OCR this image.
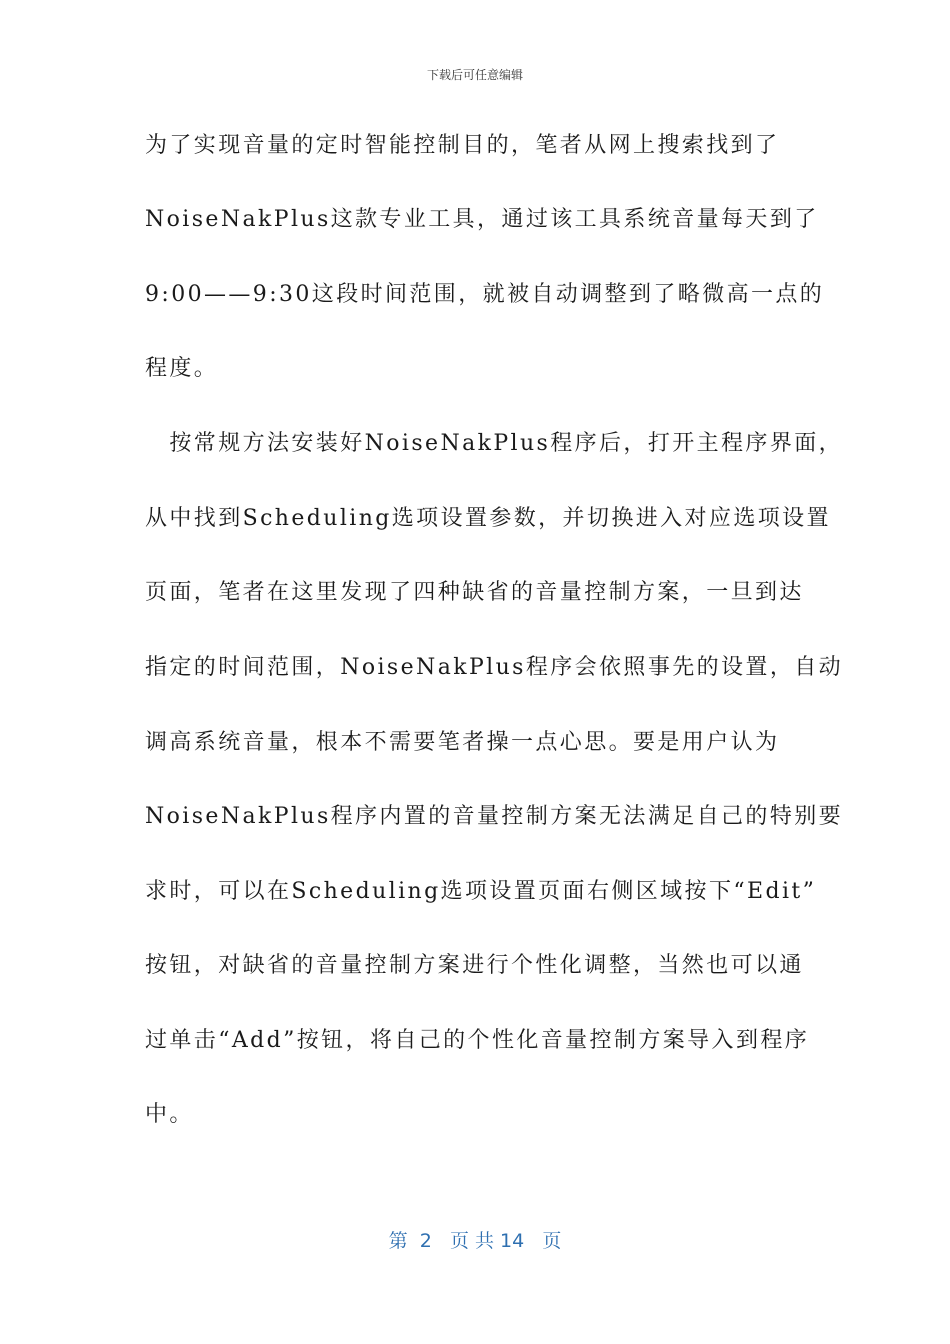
下载后可任意编辑
为了实现音量的定时智能控制目的，笔者从网上搜索找到了
NoiseNakPlus这款专业工具，通过该工具系统音量每天到了
9:00——9:30这段时间范围，就被自动调整到了略微高一点的
程度。
　按常规方法安装好NoiseNakPlus程序后，打开主程序界面，
从中找到Scheduling选项设置参数，并切换进入对应选项设置
页面，笔者在这里发现了四种缺省的音量控制方案，一旦到达
指定的时间范围，NoiseNakPlus程序会依照事先的设置，自动
调高系统音量，根本不需要笔者操一点心思。要是用户认为
NoiseNakPlus程序内置的音量控制方案无法满足自己的特别要
求时，可以在Scheduling选项设置页面右侧区域按下“Edit”
按钮，对缺省的音量控制方案进行个性化调整，当然也可以通
过单击“Add”按钮，将自己的个性化音量控制方案导入到程序
中。
第  2   页 共 14   页
